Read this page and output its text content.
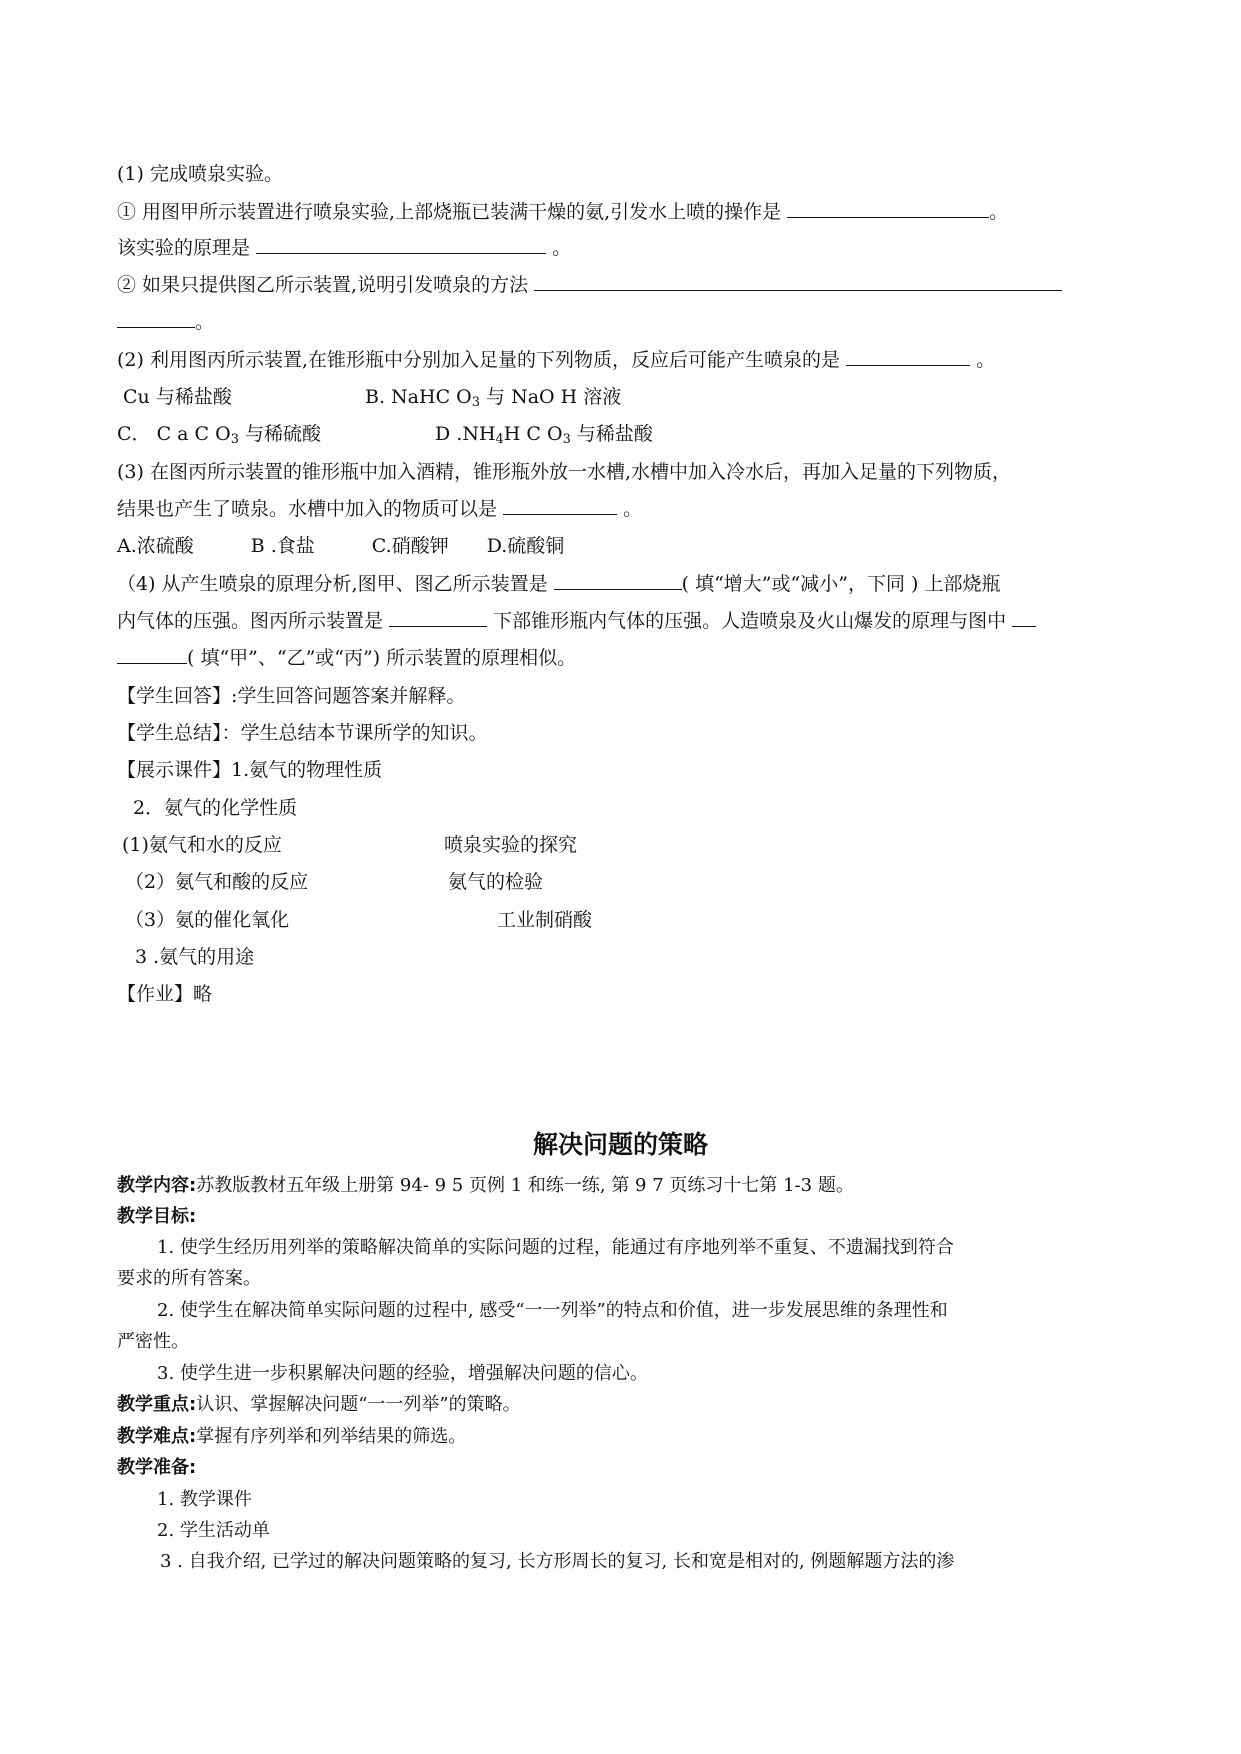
(1) 完成喷泉实验。
① 用图甲所示装置进行喷泉实验,上部烧瓶已装满干燥的氨,引发水上喷的操作是	。
该实验的原理是	。
② 如果只提供图乙所示装置,说明引发喷泉的方法
。
(2) 利用图丙所示装置,在锥形瓶中分别加入足量的下列物质，反应后可能产生喷泉的是	。
Cu 与稀盐酸	B. NaHC $O_3$ 与 NaO H 溶液
C． C a C $O_3$ 与稀硫酸	D $.NH_4H$ C $O_3$ 与稀盐酸
(3) 在图丙所示装置的锥形瓶中加入酒精，锥形瓶外放一水槽,水槽中加入冷水后，再加入足量的下列物质，
结果也产生了喷泉。水槽中加入的物质可以是	。
A.浓硫酸　　　B .食盐　　　C.硝酸钾　　D.硫酸铜
（4) 从产生喷泉的原理分析,图甲、图乙所示装置是	( 填“增大”或“减小”，下同 ) 上部烧瓶
内气体的压强。图丙所示装置是	下部锥形瓶内气体的压强。人造喷泉及火山爆发的原理与图中
( 填“甲”、“乙”或“丙”) 所示装置的原理相似。
【学生回答】:学生回答问题答案并解释。
【学生总结】：学生总结本节课所学的知识。
【展示课件】1.氨气的物理性质
2．氨气的化学性质
(1)氨气和水的反应	喷泉实验的探究
（2）氨气和酸的反应	氨气的检验
（3）氨的催化氧化	工业制硝酸
3 .氨气的用途
【作业】略
解决问题的策略
教学内容:苏教版教材五年级上册第 94- 9 5 页例 1 和练一练, 第 9 7 页练习十七第 1-3 题。
教学目标:
1. 使学生经历用列举的策略解决简单的实际问题的过程，能通过有序地列举不重复、不遗漏找到符合
要求的所有答案。
2. 使学生在解决简单实际问题的过程中, 感受“一一列举”的特点和价值，进一步发展思维的条理性和
严密性。
3. 使学生进一步积累解决问题的经验，增强解决问题的信心。
教学重点:认识、掌握解决问题“一一列举”的策略。
教学难点:掌握有序列举和列举结果的筛选。
教学准备:
1. 教学课件
2. 学生活动单
3 . 自我介绍, 已学过的解决问题策略的复习, 长方形周长的复习, 长和宽是相对的, 例题解题方法的渗
